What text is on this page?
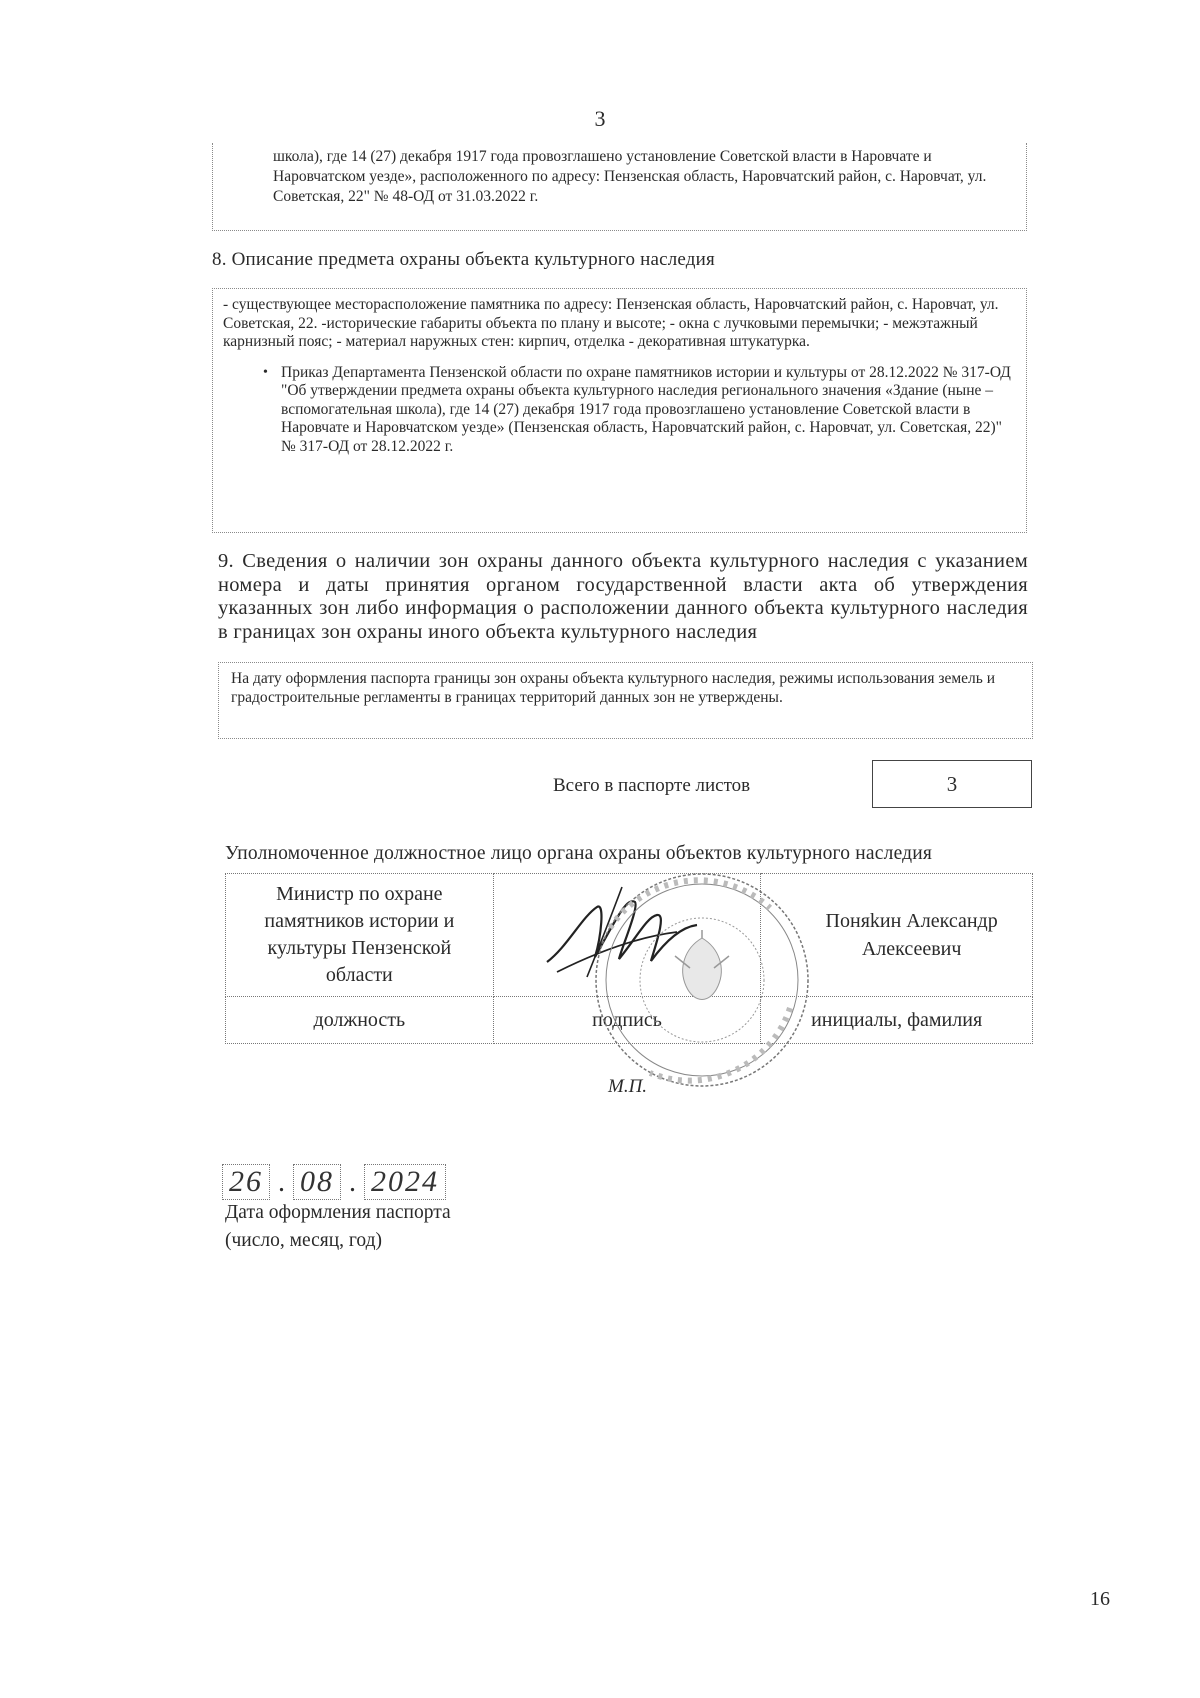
3
школа), где 14 (27) декабря 1917 года провозглашено установление Советской власти в Наровчате и Наровчатском уезде», расположенного по адресу: Пензенская область, Наровчатский район, с. Наровчат, ул. Советская, 22" № 48-ОД от 31.03.2022 г.
8. Описание предмета охраны объекта культурного наследия
- существующее месторасположение памятника по адресу: Пензенская область, Наровчатский район, с. Наровчат, ул. Советская, 22. -исторические габариты объекта по плану и высоте; - окна с лучковыми перемычки; - межэтажный карнизный пояс; - материал наружных стен: кирпич, отделка - декоративная штукатурка.
• Приказ Департамента Пензенской области по охране памятников истории и культуры от 28.12.2022 № 317-ОД "Об утверждении предмета охраны объекта культурного наследия регионального значения «Здание (ныне – вспомогательная школа), где 14 (27) декабря 1917 года провозглашено установление Советской власти в Наровчате и Наровчатском уезде» (Пензенская область, Наровчатский район, с. Наровчат, ул. Советская, 22)" № 317-ОД от 28.12.2022 г.
9. Сведения о наличии зон охраны данного объекта культурного наследия с указанием номера и даты принятия органом государственной власти акта об утверждения указанных зон либо информация о расположении данного объекта культурного наследия в границах зон охраны иного объекта культурного наследия
На дату оформления паспорта границы зон охраны объекта культурного наследия, режимы использования земель и градостроительные регламенты в границах территорий данных зон не утверждены.
Всего в паспорте листов	3
Уполномоченное должностное лицо органа охраны объектов культурного наследия
Министр по охране памятников истории и культуры Пензенской области		Поняkин Александр Алексеевич
должность	подпись	инициалы, фамилия
М.П.
26 . 08 . 2024
Дата оформления паспорта
(число, месяц, год)
16
